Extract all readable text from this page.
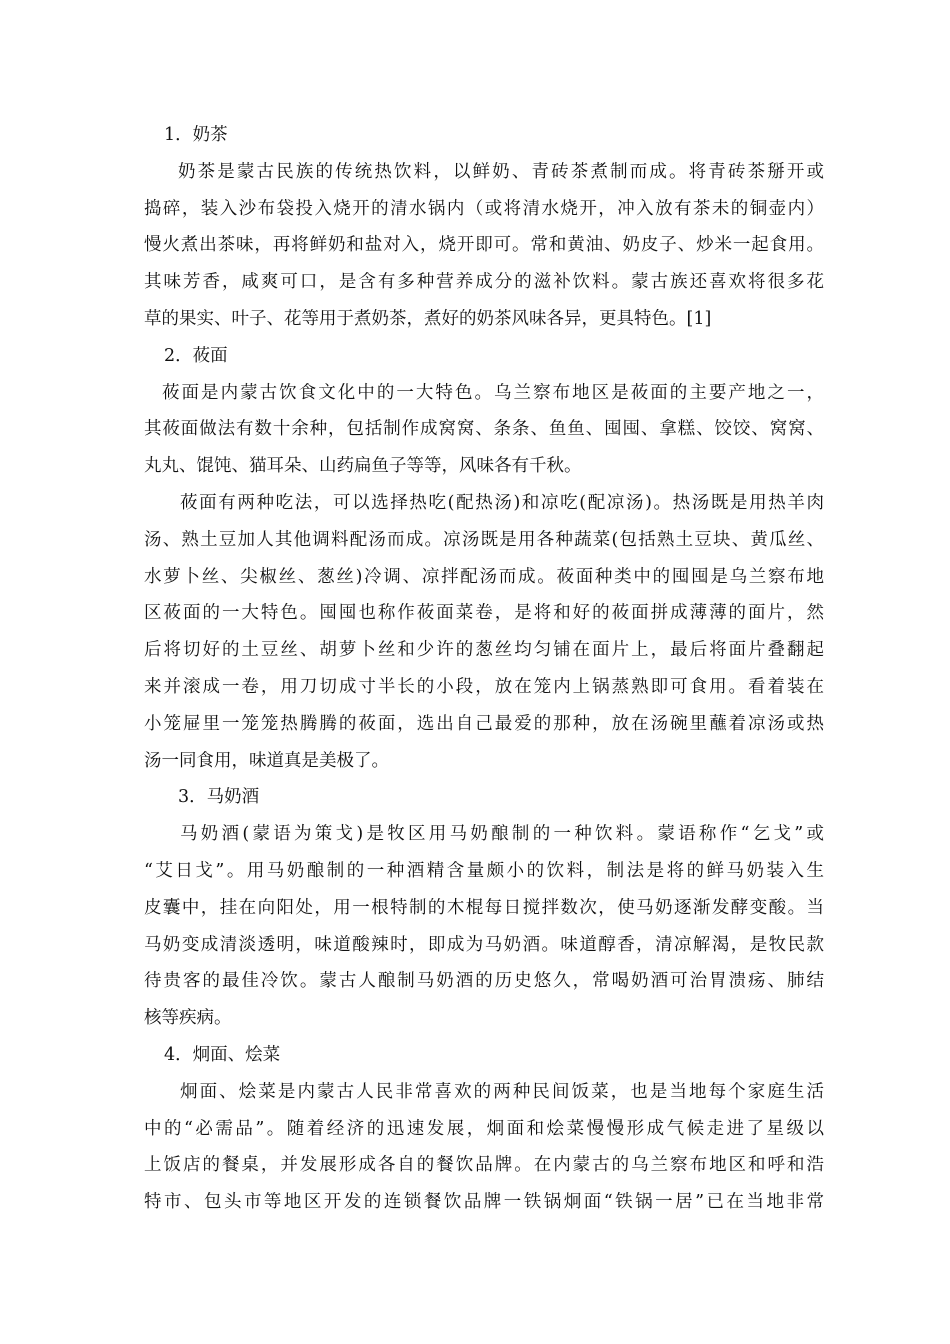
1．奶茶
奶茶是蒙古民族的传统热饮料，以鲜奶、青砖茶煮制而成。将青砖茶掰开或
捣碎，装入沙布袋投入烧开的清水锅内（或将清水烧开，冲入放有茶未的铜壶内）
慢火煮出茶味，再将鲜奶和盐对入，烧开即可。常和黄油、奶皮子、炒米一起食用。
其味芳香，咸爽可口，是含有多种营养成分的滋补饮料。蒙古族还喜欢将很多花
草的果实、叶子、花等用于煮奶茶，煮好的奶茶风味各异，更具特色。[1]
2．莜面
莜面是内蒙古饮食文化中的一大特色。乌兰察布地区是莜面的主要产地之一，
其莜面做法有数十余种，包括制作成窝窝、条条、鱼鱼、囤囤、拿糕、饺饺、窝窝、
丸丸、馄饨、猫耳朵、山药扁鱼子等等，风味各有千秋。
莜面有两种吃法，可以选择热吃(配热汤)和凉吃(配凉汤)。热汤既是用热羊肉
汤、熟土豆加人其他调料配汤而成。凉汤既是用各种蔬菜(包括熟土豆块、黄瓜丝、
水萝卜丝、尖椒丝、葱丝)冷调、凉拌配汤而成。莜面种类中的囤囤是乌兰察布地
区莜面的一大特色。囤囤也称作莜面菜卷，是将和好的莜面拼成薄薄的面片，然
后将切好的土豆丝、胡萝卜丝和少许的葱丝均匀铺在面片上，最后将面片叠翻起
来并滚成一卷，用刀切成寸半长的小段，放在笼内上锅蒸熟即可食用。看着装在
小笼屉里一笼笼热腾腾的莜面，选出自己最爱的那种，放在汤碗里蘸着凉汤或热
汤一同食用，味道真是美极了。
3．马奶酒
马奶酒(蒙语为策戈)是牧区用马奶酿制的一种饮料。蒙语称作“乞戈”或
“艾日戈”。用马奶酿制的一种酒精含量颇小的饮料，制法是将的鲜马奶装入生
皮囊中，挂在向阳处，用一根特制的木棍每日搅拌数次，使马奶逐渐发酵变酸。当
马奶变成清淡透明，味道酸辣时，即成为马奶酒。味道醇香，清凉解渴，是牧民款
待贵客的最佳冷饮。蒙古人酿制马奶酒的历史悠久，常喝奶酒可治胃溃疡、肺结
核等疾病。
4．炯面、烩菜
炯面、烩菜是内蒙古人民非常喜欢的两种民间饭菜，也是当地每个家庭生活
中的“必需品”。随着经济的迅速发展，炯面和烩菜慢慢形成气候走进了星级以
上饭店的餐桌，并发展形成各自的餐饮品牌。在内蒙古的乌兰察布地区和呼和浩
特市、包头市等地区开发的连锁餐饮品牌一铁锅炯面“铁锅一居”已在当地非常
